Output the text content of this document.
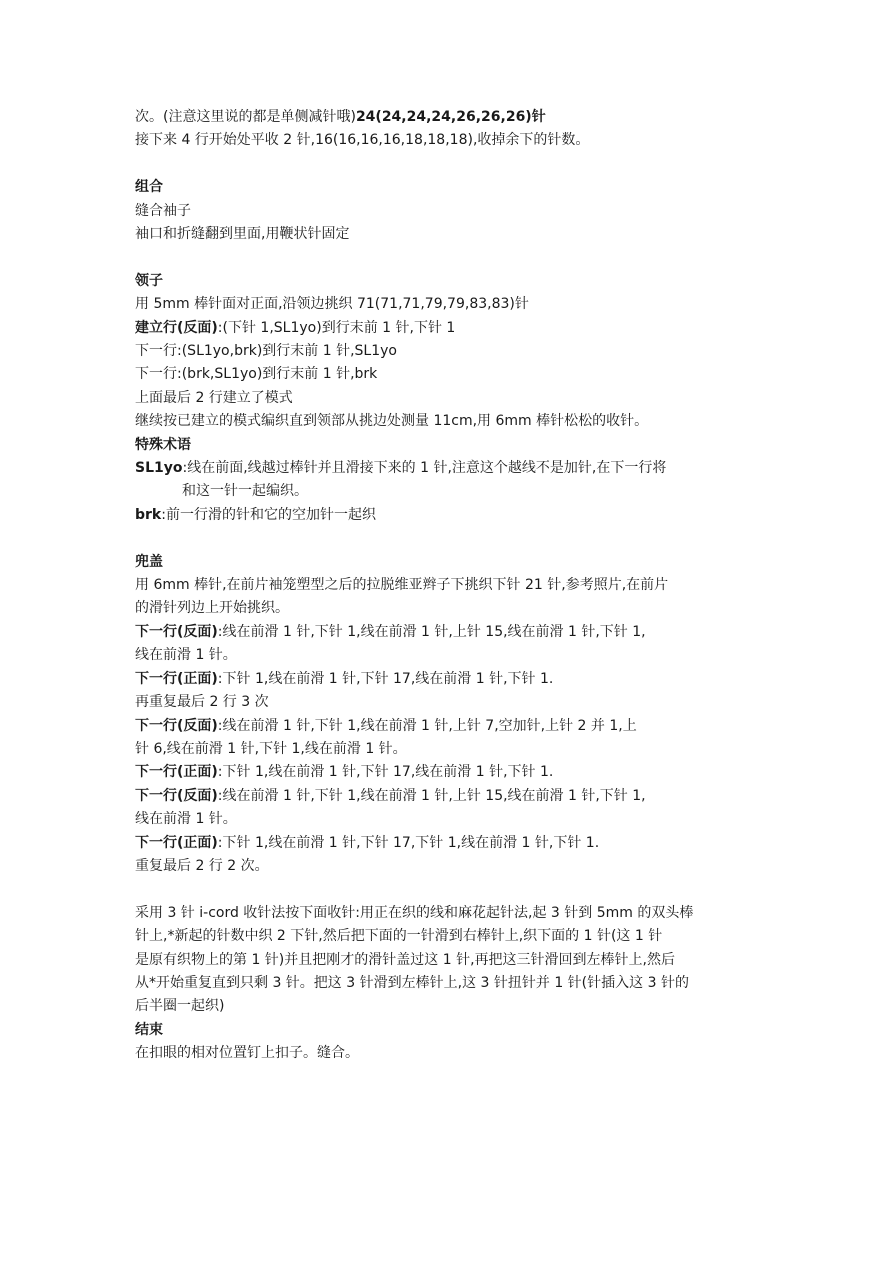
次。(注意这里说的都是单侧减针哦)24(24,24,24,26,26,26)针

接下来 4 行开始处平收 2 针,16(16,16,16,18,18,18),收掉余下的针数。

组合

缝合袖子

袖口和折缝翻到里面,用鞭状针固定

领子

用 5mm 棒针面对正面,沿领边挑织 71(71,71,79,79,83,83)针

建立行(反面):(下针 1,SL1yo)到行末前 1 针,下针 1

下一行:(SL1yo,brk)到行末前 1 针,SL1yo

下一行:(brk,SL1yo)到行末前 1 针,brk

上面最后 2 行建立了模式

继续按已建立的模式编织直到领部从挑边处测量 11cm,用 6mm 棒针松松的收针。

特殊术语

SL1yo:线在前面,线越过棒针并且滑接下来的 1 针,注意这个越线不是加针,在下一行将

和这一针一起编织。

brk:前一行滑的针和它的空加针一起织

兜盖

用 6mm 棒针,在前片袖笼塑型之后的拉脱维亚辫子下挑织下针 21 针,参考照片,在前片

的滑针列边上开始挑织。

下一行(反面):线在前滑 1 针,下针 1,线在前滑 1 针,上针 15,线在前滑 1 针,下针 1,

线在前滑 1 针。

下一行(正面):下针 1,线在前滑 1 针,下针 17,线在前滑 1 针,下针 1.

再重复最后 2 行 3 次

下一行(反面):线在前滑 1 针,下针 1,线在前滑 1 针,上针 7,空加针,上针 2 并 1,上

针 6,线在前滑 1 针,下针 1,线在前滑 1 针。

下一行(正面):下针 1,线在前滑 1 针,下针 17,线在前滑 1 针,下针 1.

下一行(反面):线在前滑 1 针,下针 1,线在前滑 1 针,上针 15,线在前滑 1 针,下针 1,

线在前滑 1 针。

下一行(正面):下针 1,线在前滑 1 针,下针 17,下针 1,线在前滑 1 针,下针 1.

重复最后 2 行 2 次。

采用 3 针 i-cord 收针法按下面收针:用正在织的线和麻花起针法,起 3 针到 5mm 的双头棒

针上,*新起的针数中织 2 下针,然后把下面的一针滑到右棒针上,织下面的 1 针(这 1 针

是原有织物上的第 1 针)并且把刚才的滑针盖过这 1 针,再把这三针滑回到左棒针上,然后

从*开始重复直到只剩 3 针。把这 3 针滑到左棒针上,这 3 针扭针并 1 针(针插入这 3 针的

后半圈一起织)

结束

在扣眼的相对位置钉上扣子。缝合。
